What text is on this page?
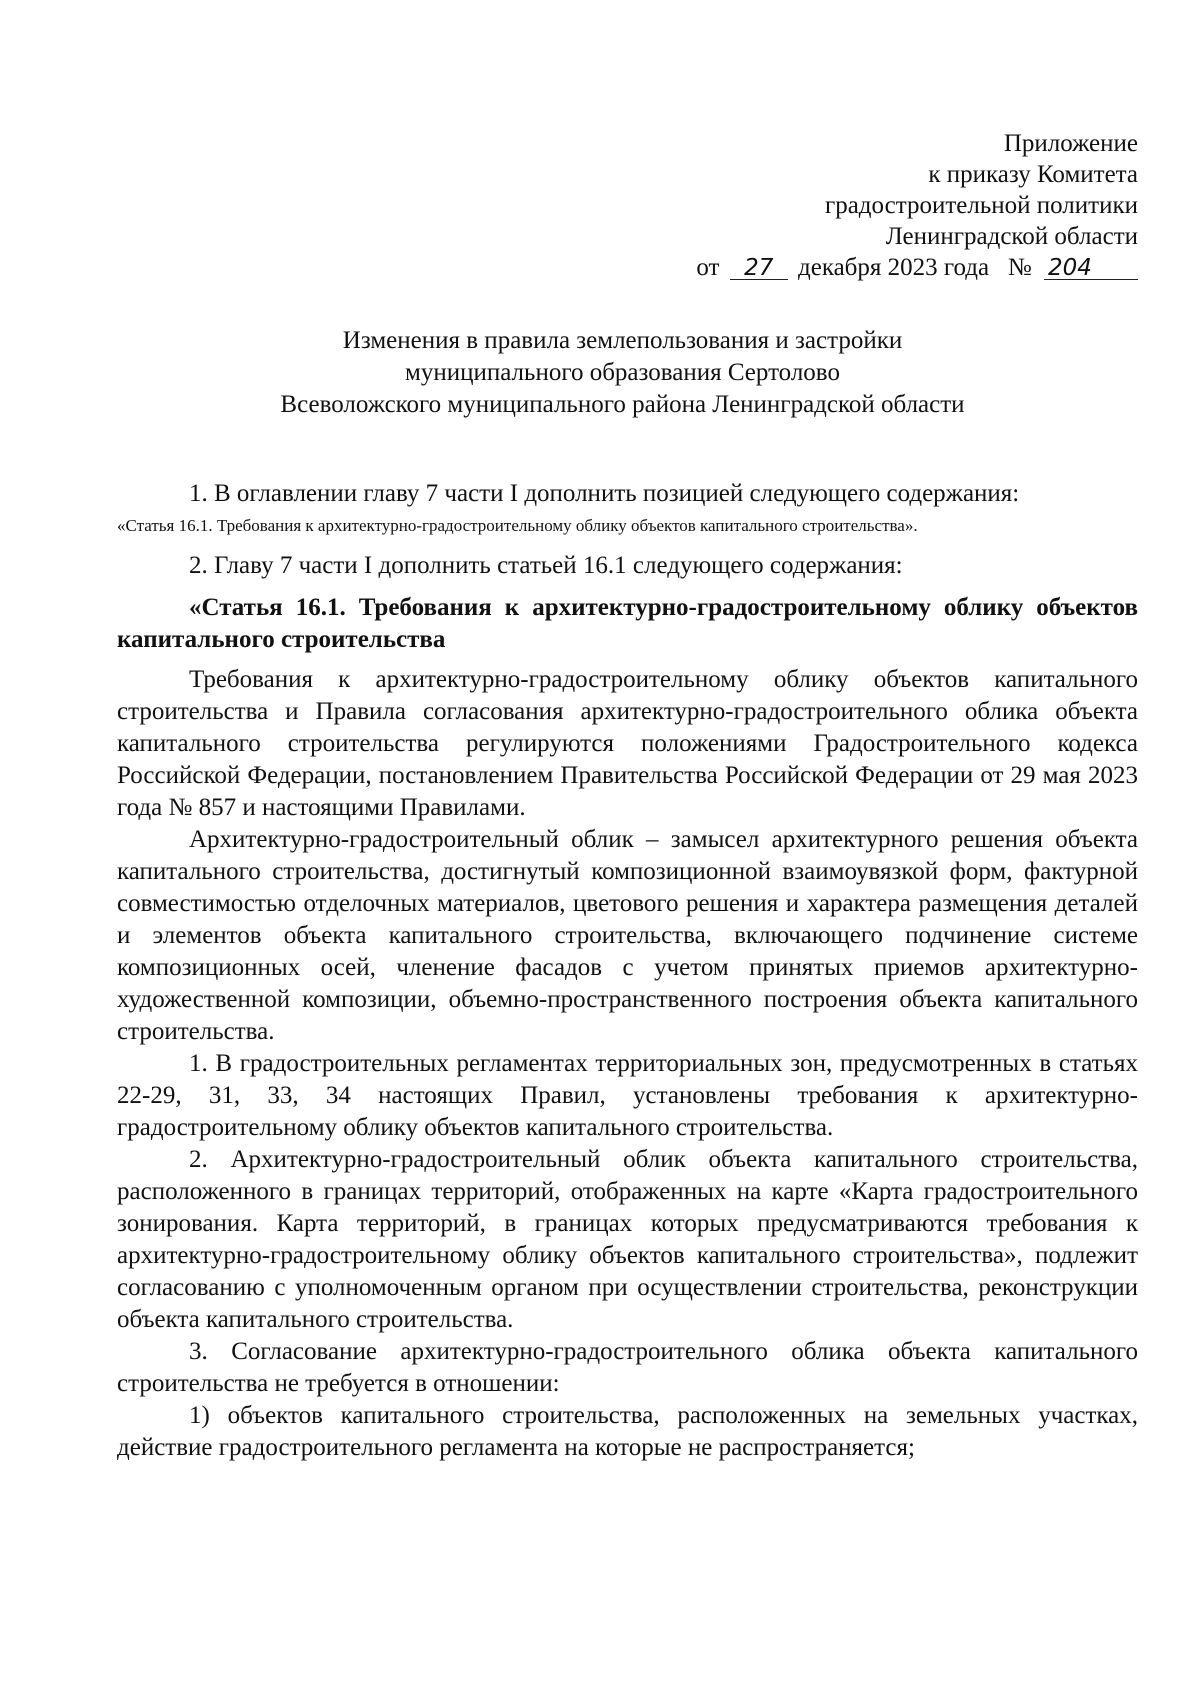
Приложение
к приказу Комитета
градостроительной политики
Ленинградской области
от 27 декабря 2023 года № 204
Изменения в правила землепользования и застройки
муниципального образования Сертолово
Всеволожского муниципального района Ленинградской области

1. В оглавлении главу 7 части I дополнить позицией следующего содержания:

«Статья 16.1. Требования к архитектурно-градостроительному облику объектов капитального строительства».

2. Главу 7 части I дополнить статьей 16.1 следующего содержания:

«Статья 16.1. Требования к архитектурно-градостроительному облику объектов капитального строительства

Требования к архитектурно-градостроительному облику объектов капитального строительства и Правила согласования архитектурно-градостроительного облика объекта капитального строительства регулируются положениями Градостроительного кодекса Российской Федерации, постановлением Правительства Российской Федерации от 29 мая 2023 года № 857 и настоящими Правилами.

Архитектурно-градостроительный облик – замысел архитектурного решения объекта капитального строительства, достигнутый композиционной взаимоувязкой форм, фактурной совместимостью отделочных материалов, цветового решения и характера размещения деталей и элементов объекта капитального строительства, включающего подчинение системе композиционных осей, членение фасадов с учетом принятых приемов архитектурно-художественной композиции, объемно-пространственного построения объекта капитального строительства.

1. В градостроительных регламентах территориальных зон, предусмотренных в статьях 22-29, 31, 33, 34 настоящих Правил, установлены требования к архитектурно-градостроительному облику объектов капитального строительства.

2. Архитектурно-градостроительный облик объекта капитального строительства, расположенного в границах территорий, отображенных на карте «Карта градостроительного зонирования. Карта территорий, в границах которых предусматриваются требования к архитектурно-градостроительному облику объектов капитального строительства», подлежит согласованию с уполномоченным органом при осуществлении строительства, реконструкции объекта капитального строительства.

3. Согласование архитектурно-градостроительного облика объекта капитального строительства не требуется в отношении:

1) объектов капитального строительства, расположенных на земельных участках, действие градостроительного регламента на которые не распространяется;
